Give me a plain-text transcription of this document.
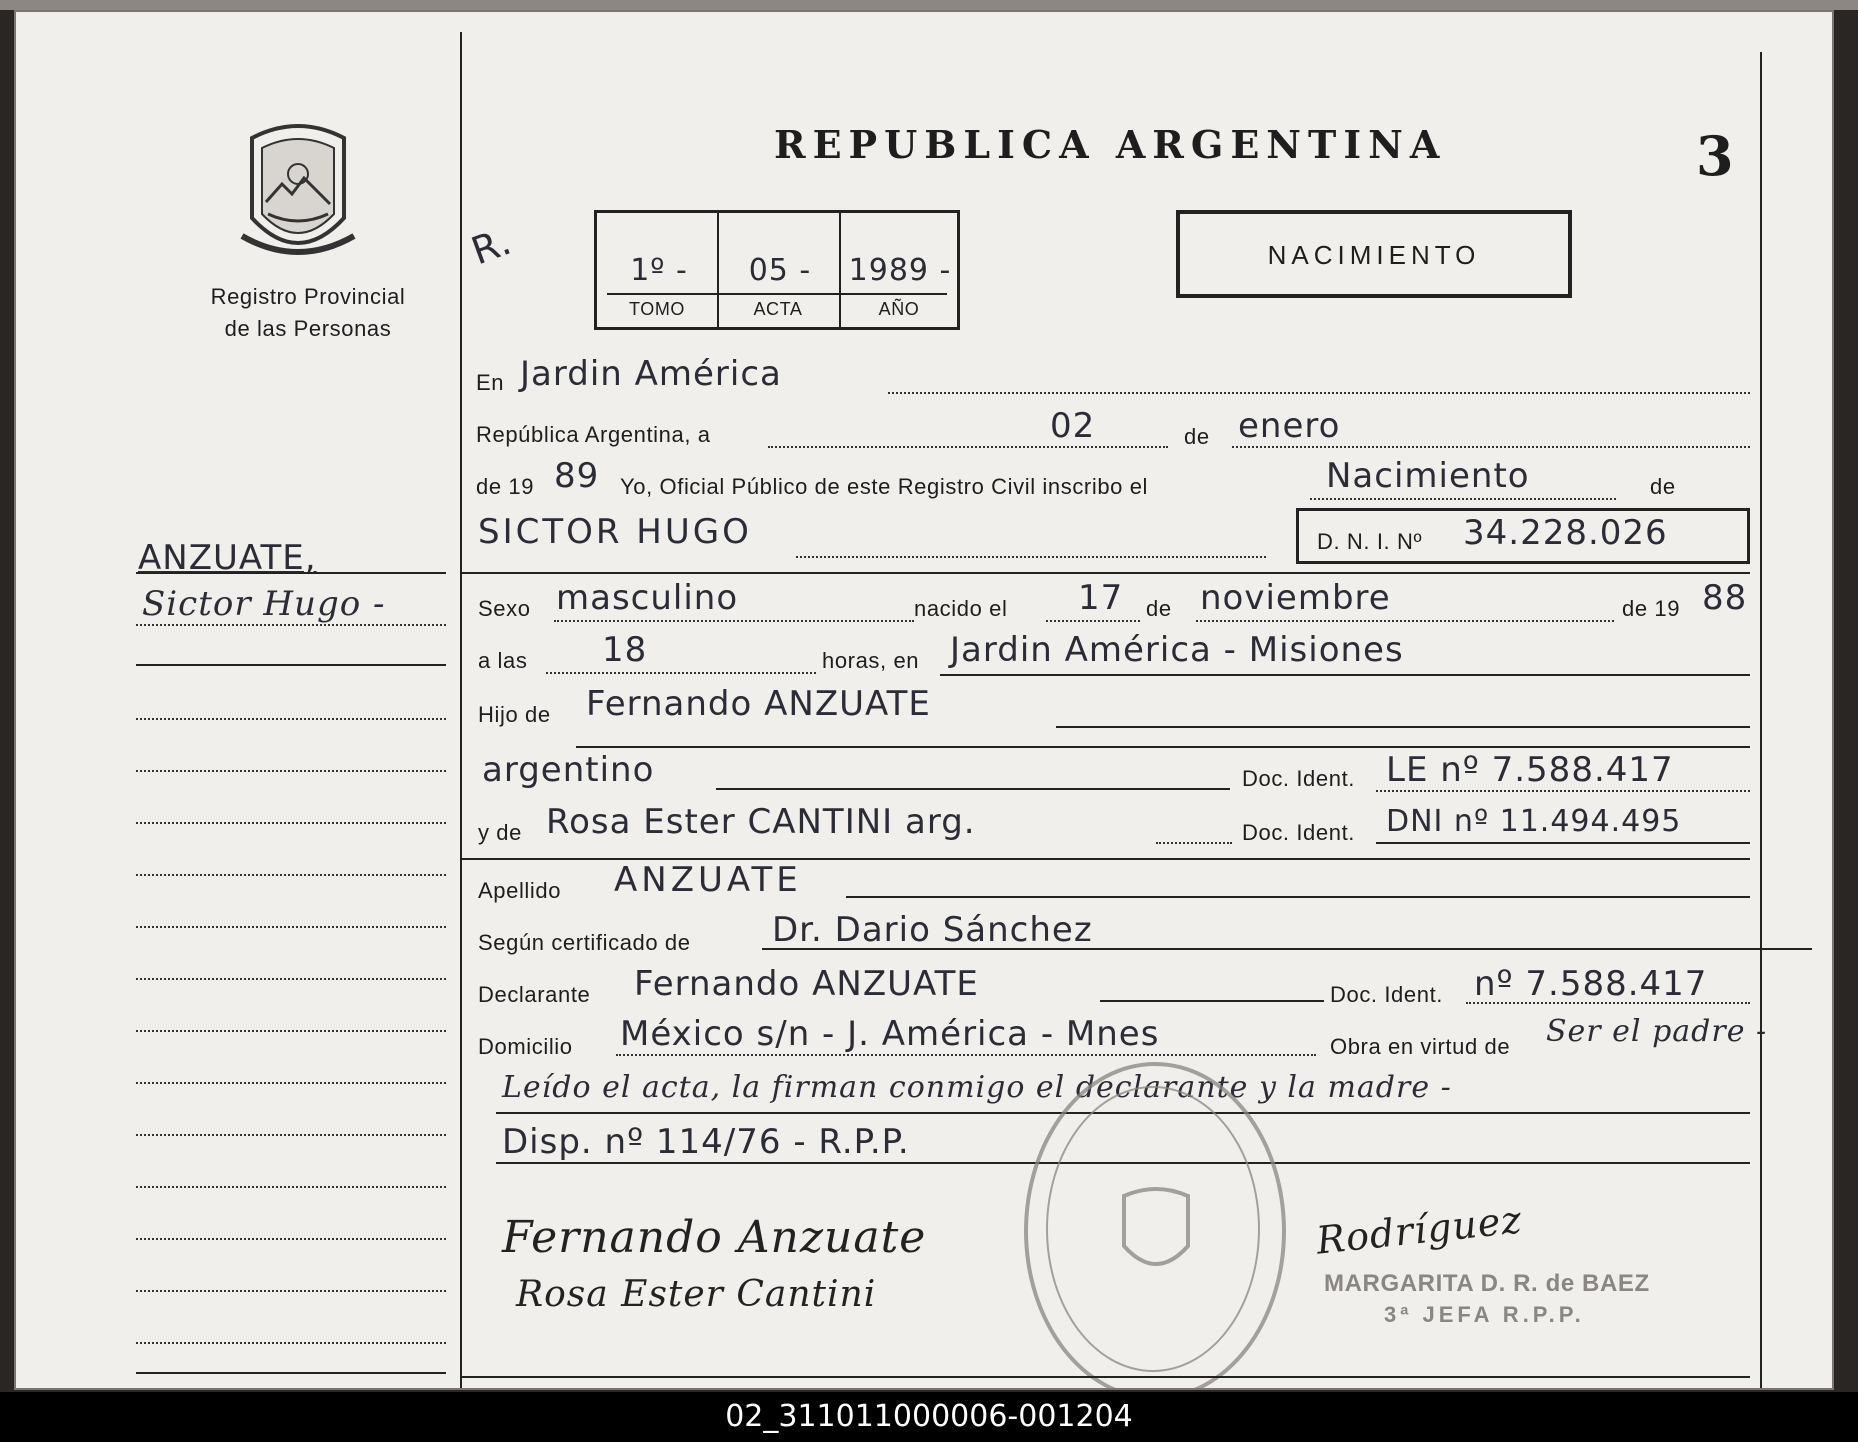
Registro Provincial
de las Personas
ANZUATE,
Sictor Hugo -
REPUBLICA ARGENTINA	3
R.	1º -	05 -	1989 -
TOMO	ACTA	AÑO
NACIMIENTO
En Jardin América
República Argentina, a	02	de enero
de 19 89 Yo, Oficial Público de este Registro Civil inscribo el	Nacimiento	de
SICTOR HUGO	D. N. I. Nº 34.228.026
Sexo masculino	nacido el 17 de noviembre	de 19 88
a las 18	horas, en Jardin América - Misiones
Hijo de Fernando ANZUATE
argentino	Doc. Ident. LE nº 7.588.417
y de Rosa Ester CANTINI arg.	Doc. Ident. DNI nº 11.494.495
Apellido ANZUATE
Según certificado de Dr. Dario Sánchez
Declarante Fernando ANZUATE	Doc. Ident. nº 7.588.417
Domicilio México s/n - J. América - Mnes	Obra en virtud de Ser el padre -
Leído el acta, la firman conmigo el declarante y la madre -
Disp. nº 114/76 - R.P.P.
Fernando Anzuate
Rosa Ester Cantini
Rodríguez
MARGARITA D. R. de BAEZ
3ª JEFA R.P.P.
02_311011000006-001204
